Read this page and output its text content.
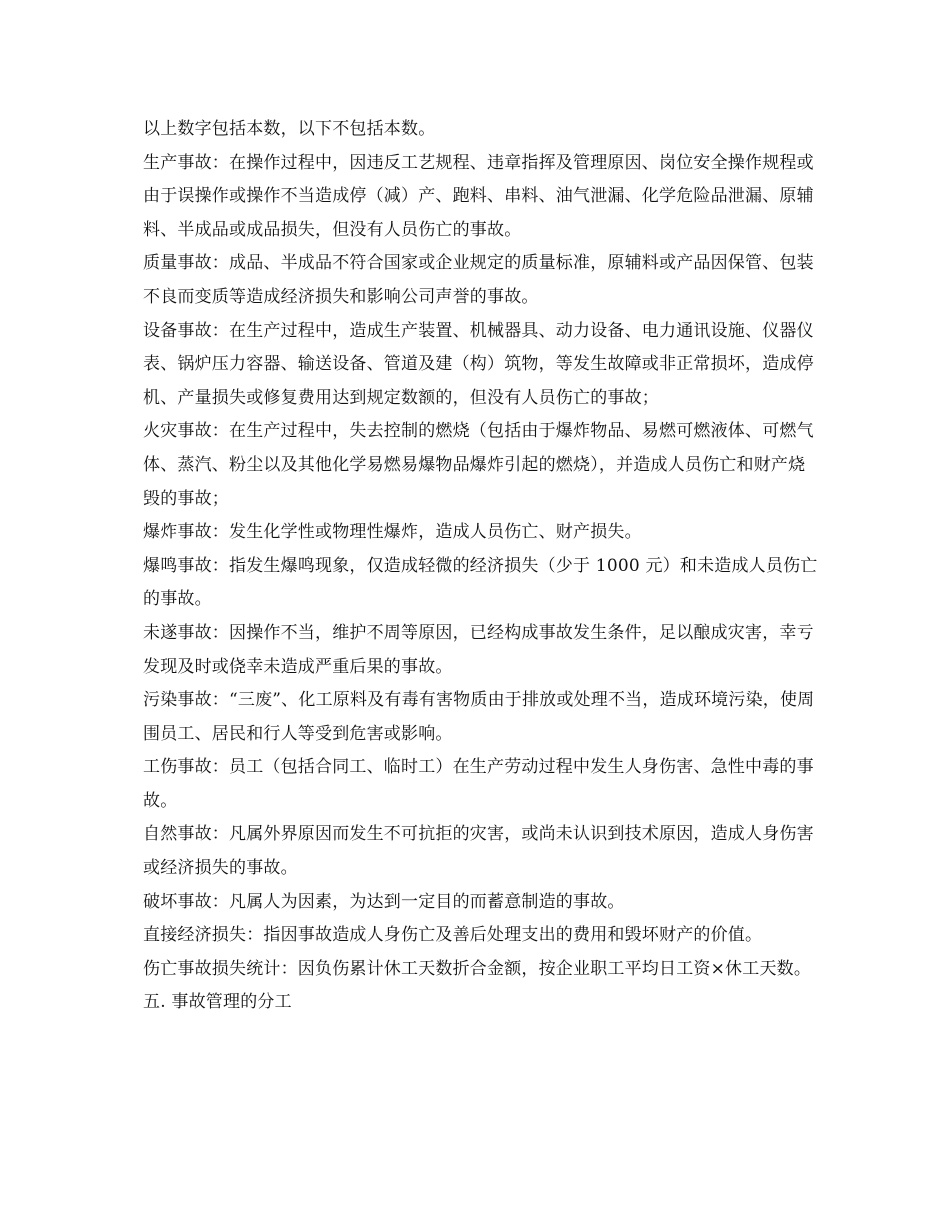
以上数字包括本数，以下不包括本数。

生产事故：在操作过程中，因违反工艺规程、违章指挥及管理原因、岗位安全操作规程或由于误操作或操作不当造成停（减）产、跑料、串料、油气泄漏、化学危险品泄漏、原辅料、半成品或成品损失，但没有人员伤亡的事故。

质量事故：成品、半成品不符合国家或企业规定的质量标准，原辅料或产品因保管、包装不良而变质等造成经济损失和影响公司声誉的事故。

设备事故：在生产过程中，造成生产装置、机械器具、动力设备、电力通讯设施、仪器仪表、锅炉压力容器、输送设备、管道及建（构）筑物，等发生故障或非正常损坏，造成停机、产量损失或修复费用达到规定数额的，但没有人员伤亡的事故；

火灾事故：在生产过程中，失去控制的燃烧（包括由于爆炸物品、易燃可燃液体、可燃气体、蒸汽、粉尘以及其他化学易燃易爆物品爆炸引起的燃烧），并造成人员伤亡和财产烧毁的事故；

爆炸事故：发生化学性或物理性爆炸，造成人员伤亡、财产损失。

爆鸣事故：指发生爆鸣现象，仅造成轻微的经济损失（少于 1000 元）和未造成人员伤亡的事故。

未遂事故：因操作不当，维护不周等原因，已经构成事故发生条件，足以酿成灾害，幸亏发现及时或侥幸未造成严重后果的事故。

污染事故：“三废”、化工原料及有毒有害物质由于排放或处理不当，造成环境污染，使周围员工、居民和行人等受到危害或影响。

工伤事故：员工（包括合同工、临时工）在生产劳动过程中发生人身伤害、急性中毒的事故。

自然事故：凡属外界原因而发生不可抗拒的灾害，或尚未认识到技术原因，造成人身伤害或经济损失的事故。

破坏事故：凡属人为因素，为达到一定目的而蓄意制造的事故。

直接经济损失：指因事故造成人身伤亡及善后处理支出的费用和毁坏财产的价值。

伤亡事故损失统计：因负伤累计休工天数折合金额，按企业职工平均日工资×休工天数。

五. 事故管理的分工
